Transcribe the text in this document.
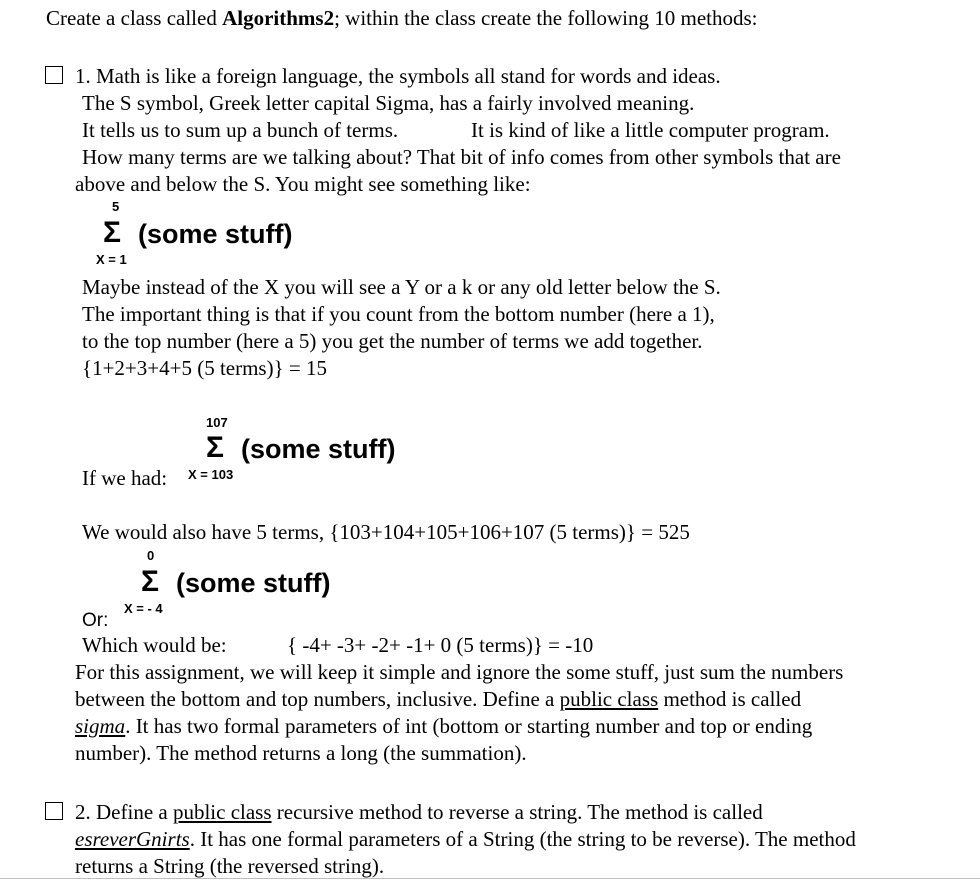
Create a class called Algorithms2; within the class create the following 10 methods:
1. Math is like a foreign language, the symbols all stand for words and ideas.
The S symbol, Greek letter capital Sigma, has a fairly involved meaning.
It tells us to sum up a bunch of terms.	It is kind of like a little computer program.
How many terms are we talking about? That bit of info comes from other symbols that are
above and below the S. You might see something like:
5
Σ (some stuff)
X = 1
Maybe instead of the X you will see a Y or a k or any old letter below the S.
The important thing is that if you count from the bottom number (here a 1),
to the top number (here a 5) you get the number of terms we add together.
{1+2+3+4+5 (5 terms)} = 15
107
Σ (some stuff)
If we had: X = 103
We would also have 5 terms, {103+104+105+106+107 (5 terms)} = 525
0
Σ (some stuff)
X = - 4
Or:
Which would be:	{ -4+ -3+ -2+ -1+ 0 (5 terms)} = -10
For this assignment, we will keep it simple and ignore the some stuff, just sum the numbers
between the bottom and top numbers, inclusive. Define a public class method is called
sigma. It has two formal parameters of int (bottom or starting number and top or ending
number). The method returns a long (the summation).
2. Define a public class recursive method to reverse a string. The method is called
esreverGnirts. It has one formal parameters of a String (the string to be reverse). The method
returns a String (the reversed string).
